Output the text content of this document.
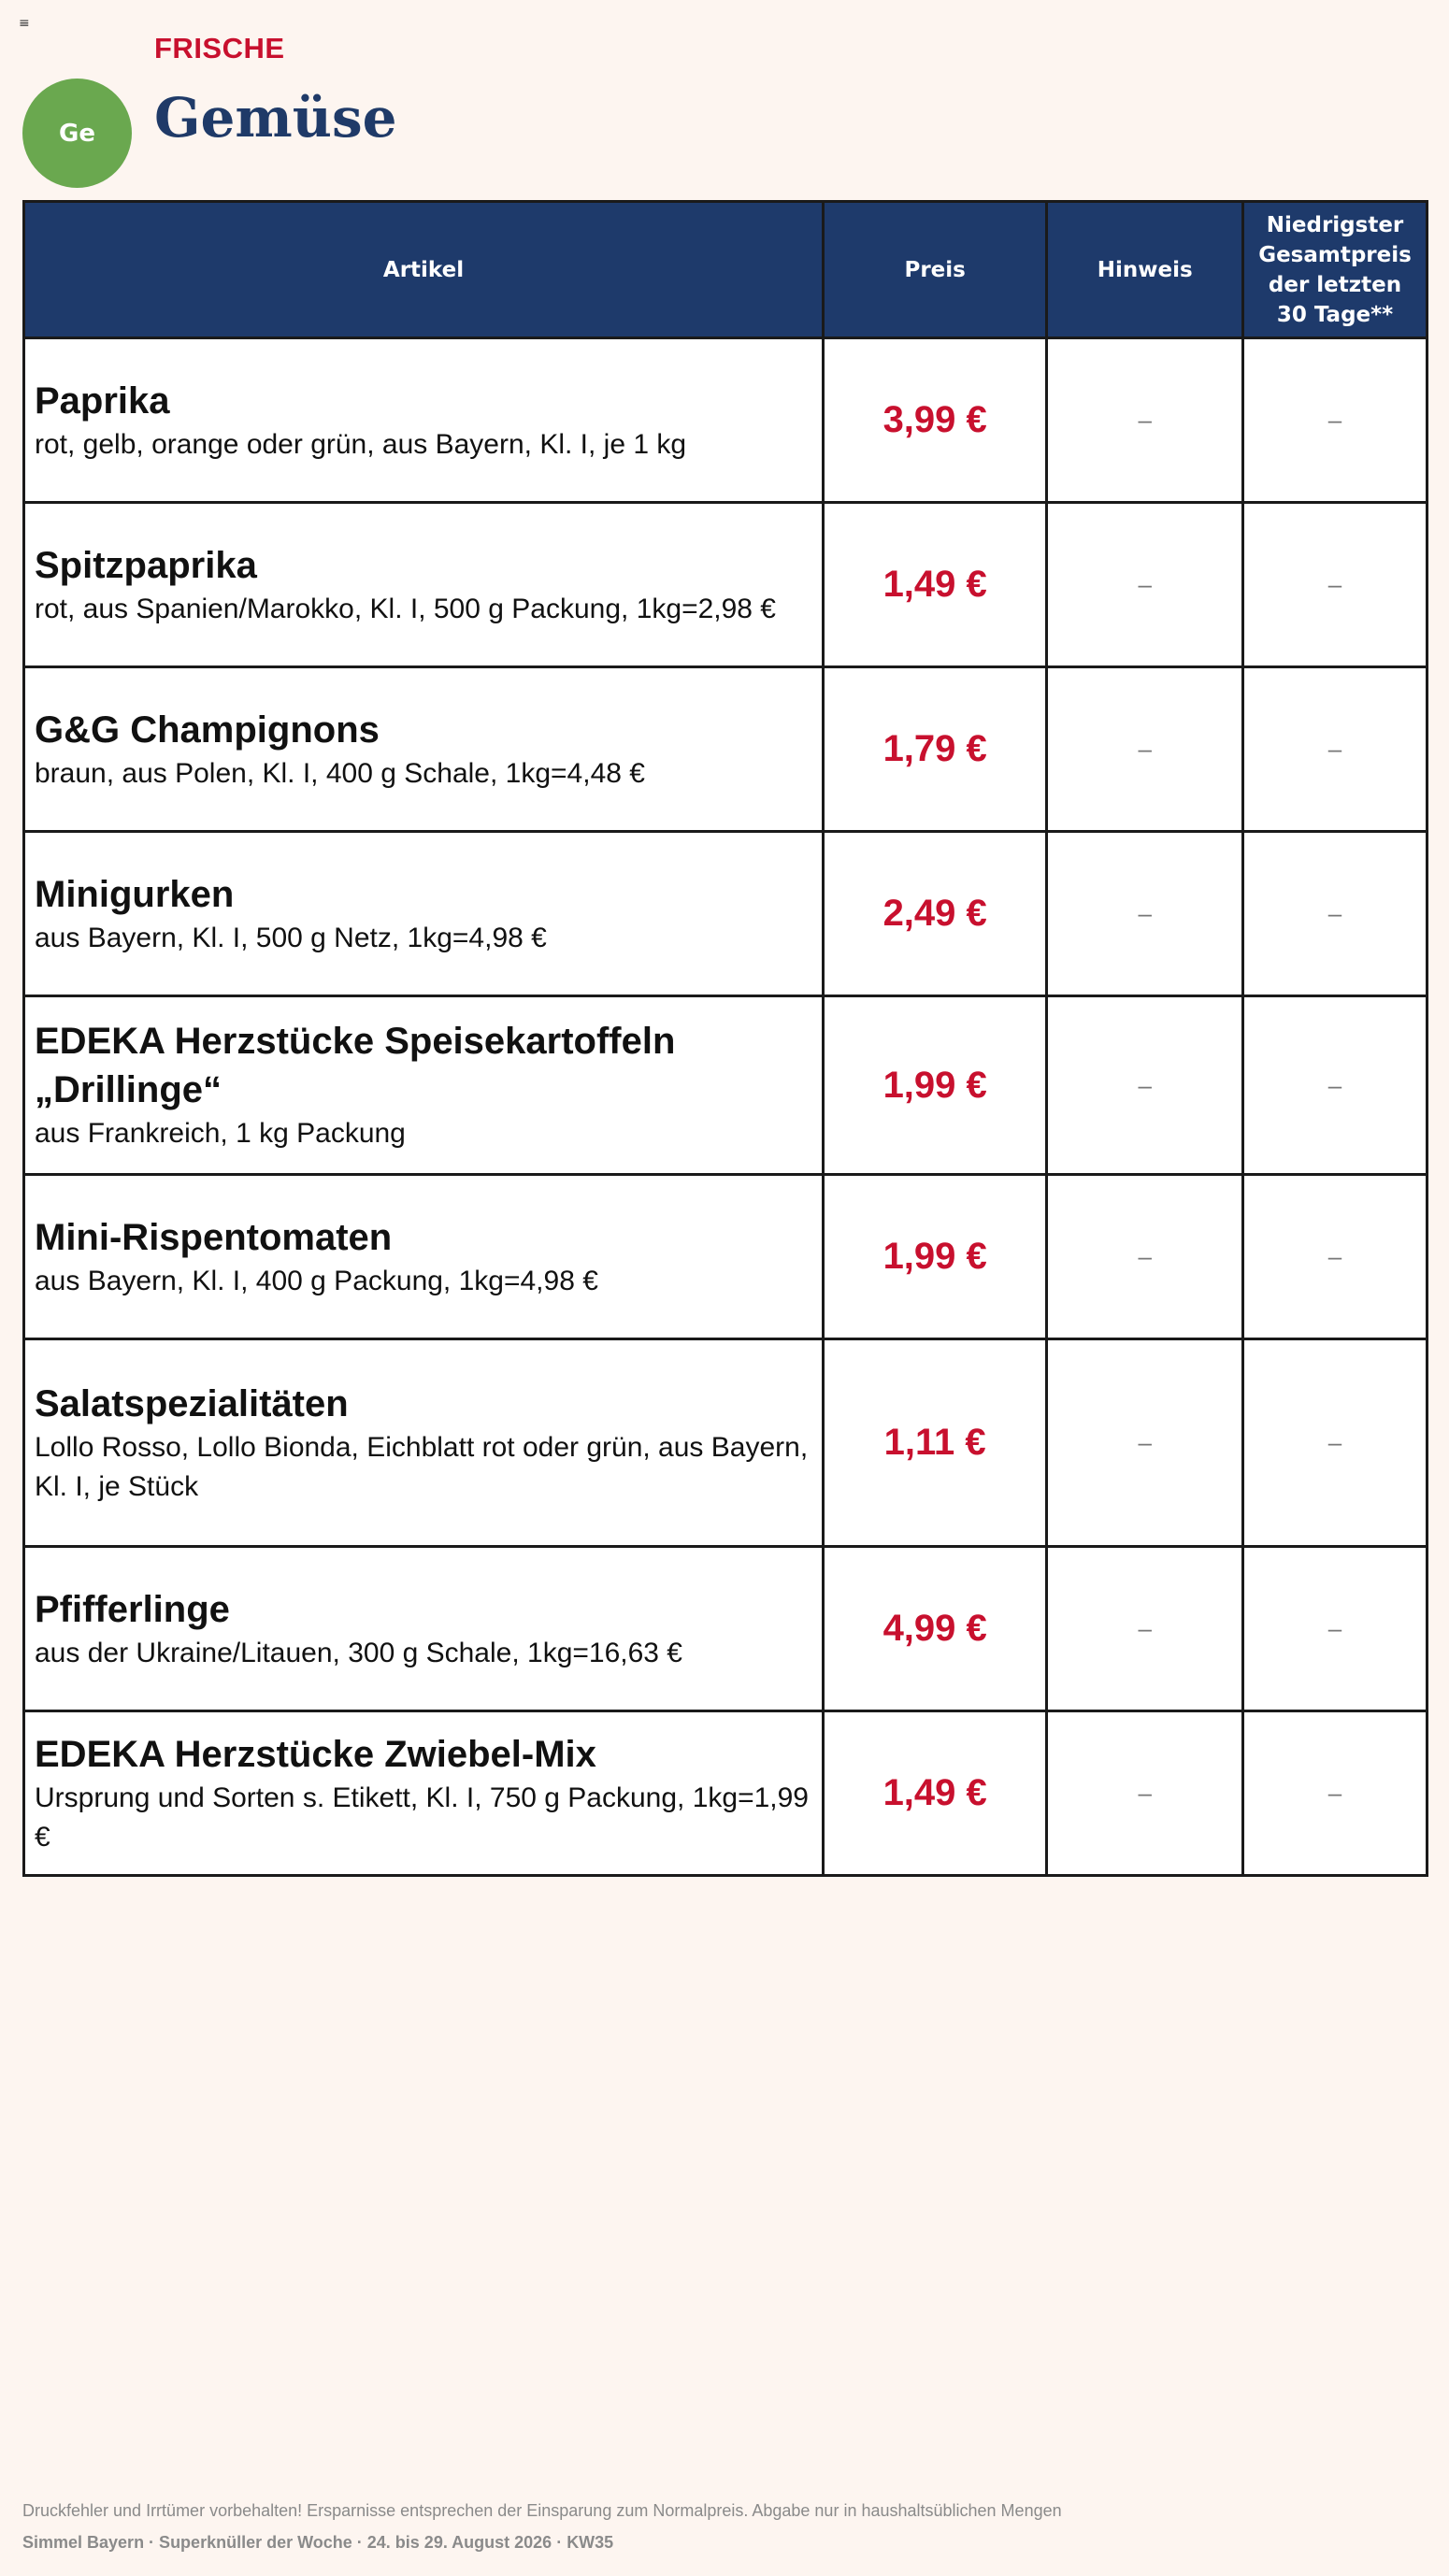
≡
Ge
FRISCHE
Gemüse
Artikel	Preis	Hinweis	Niedrigster Gesamtpreis der letzten 30 Tage**

Paprika
rot, gelb, orange oder grün, aus Bayern, Kl. I, je 1 kg	3,99 €	–	–

Spitzpaprika
rot, aus Spanien/Marokko, Kl. I, 500 g Packung, 1kg=2,98 €	1,49 €	–	–

G&G Champignons
braun, aus Polen, Kl. I, 400 g Schale, 1kg=4,48 €	1,79 €	–	–

Minigurken
aus Bayern, Kl. I, 500 g Netz, 1kg=4,98 €	2,49 €	–	–

EDEKA Herzstücke Speisekartoffeln „Drillinge“
aus Frankreich, 1 kg Packung	1,99 €	–	–

Mini-Rispentomaten
aus Bayern, Kl. I, 400 g Packung, 1kg=4,98 €	1,99 €	–	–

Salatspezialitäten
Lollo Rosso, Lollo Bionda, Eichblatt rot oder grün, aus Bayern, Kl. I, je Stück	1,11 €	–	–

Pfifferlinge
aus der Ukraine/Litauen, 300 g Schale, 1kg=16,63 €	4,99 €	–	–

EDEKA Herzstücke Zwiebel-Mix
Ursprung und Sorten s. Etikett, Kl. I, 750 g Packung, 1kg=1,99 €	1,49 €	–	–
Druckfehler und Irrtümer vorbehalten! Ersparnisse entsprechen der Einsparung zum Normalpreis. Abgabe nur in haushaltsüblichen Mengen
Simmel Bayern · Superknüller der Woche · 24. bis 29. August 2026 · KW35
